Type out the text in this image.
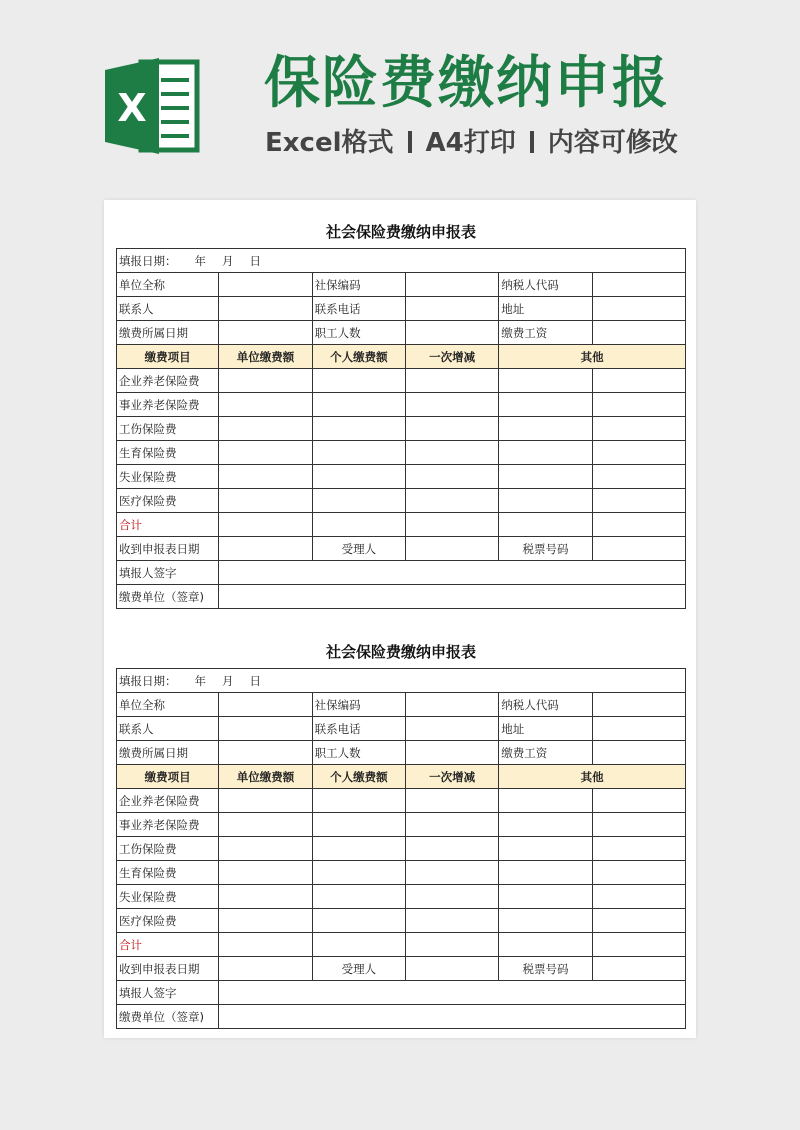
X 保险费缴纳申报
Excel格式 A4打印 内容可修改
社会保险费缴纳申报表
填报日期： 年 月 日					
单位全称		社保编码		纳税人代码	
联系人		联系电话		地址	
缴费所属日期		职工人数		缴费工资	
缴费项目	单位缴费额	个人缴费额	一次增减	其他	
企业养老保险费					
事业养老保险费					
工伤保险费					
生育保险费					
失业保险费					
医疗保险费					
合计					
收到申报表日期		受理人		税票号码	
填报人签字					
缴费单位（签章)					
社会保险费缴纳申报表
填报日期： 年 月 日					
单位全称		社保编码		纳税人代码	
联系人		联系电话		地址	
缴费所属日期		职工人数		缴费工资	
缴费项目	单位缴费额	个人缴费额	一次增减	其他	
企业养老保险费					
事业养老保险费					
工伤保险费					
生育保险费					
失业保险费					
医疗保险费					
合计					
收到申报表日期		受理人		税票号码	
填报人签字					
缴费单位（签章)					
